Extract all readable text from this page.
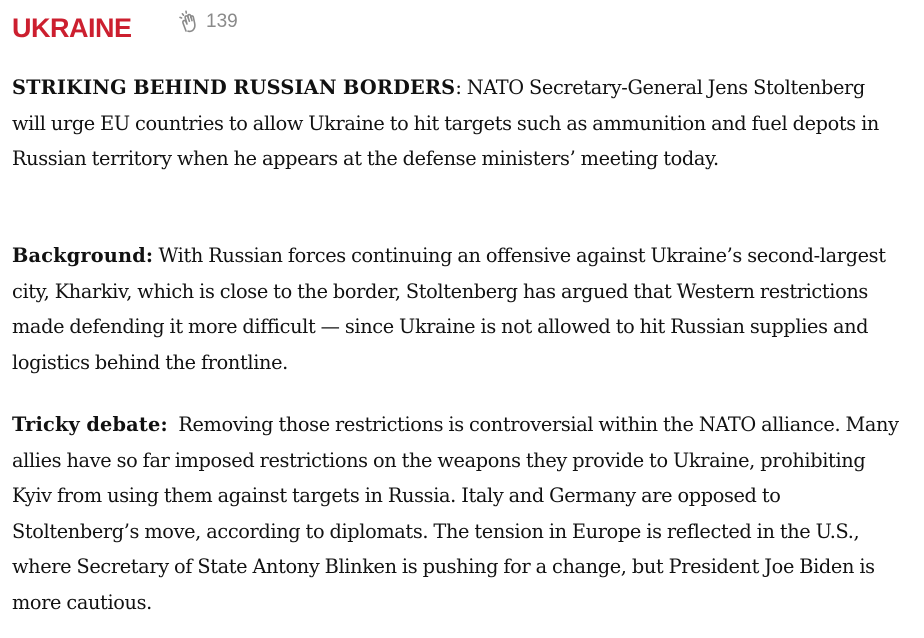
UKRAINE	139

STRIKING BEHIND RUSSIAN BORDERS: NATO Secretary-General Jens Stoltenberg will urge EU countries to allow Ukraine to hit targets such as ammunition and fuel depots in Russian territory when he appears at the defense ministers’ meeting today.

Background: With Russian forces continuing an offensive against Ukraine’s second-largest city, Kharkiv, which is close to the border, Stoltenberg has argued that Western restrictions made defending it more difficult — since Ukraine is not allowed to hit Russian supplies and logistics behind the frontline.

Tricky debate:  Removing those restrictions is controversial within the NATO alliance. Many allies have so far imposed restrictions on the weapons they provide to Ukraine, prohibiting Kyiv from using them against targets in Russia. Italy and Germany are opposed to Stoltenberg’s move, according to diplomats. The tension in Europe is reflected in the U.S., where Secretary of State Antony Blinken is pushing for a change, but President Joe Biden is more cautious.
